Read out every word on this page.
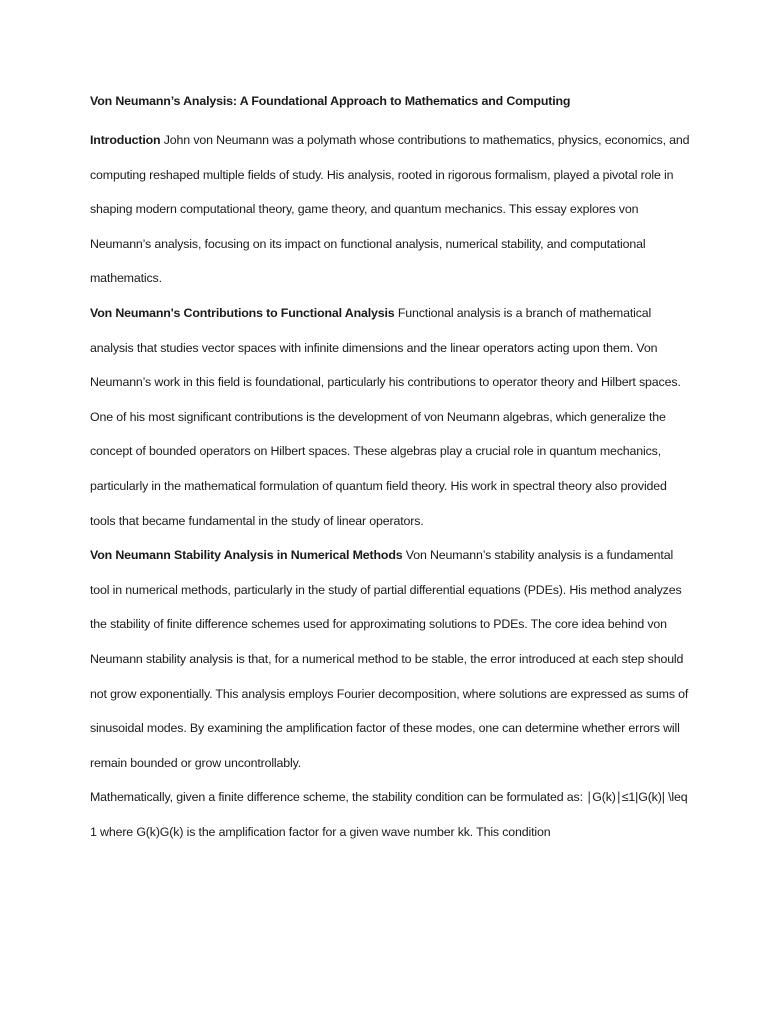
Von Neumann’s Analysis: A Foundational Approach to Mathematics and Computing

Introduction John von Neumann was a polymath whose contributions to mathematics, physics, economics, and computing reshaped multiple fields of study. His analysis, rooted in rigorous formalism, played a pivotal role in shaping modern computational theory, game theory, and quantum mechanics. This essay explores von Neumann’s analysis, focusing on its impact on functional analysis, numerical stability, and computational mathematics.

Von Neumann's Contributions to Functional Analysis Functional analysis is a branch of mathematical analysis that studies vector spaces with infinite dimensions and the linear operators acting upon them. Von Neumann’s work in this field is foundational, particularly his contributions to operator theory and Hilbert spaces.

One of his most significant contributions is the development of von Neumann algebras, which generalize the concept of bounded operators on Hilbert spaces. These algebras play a crucial role in quantum mechanics, particularly in the mathematical formulation of quantum field theory. His work in spectral theory also provided tools that became fundamental in the study of linear operators.

Von Neumann Stability Analysis in Numerical Methods Von Neumann’s stability analysis is a fundamental tool in numerical methods, particularly in the study of partial differential equations (PDEs). His method analyzes the stability of finite difference schemes used for approximating solutions to PDEs. The core idea behind von Neumann stability analysis is that, for a numerical method to be stable, the error introduced at each step should not grow exponentially. This analysis employs Fourier decomposition, where solutions are expressed as sums of sinusoidal modes. By examining the amplification factor of these modes, one can determine whether errors will remain bounded or grow uncontrollably.

Mathematically, given a finite difference scheme, the stability condition can be formulated as: ∣G(k)∣≤1|G(k)| \leq 1 where G(k)G(k) is the amplification factor for a given wave number kk. This condition
